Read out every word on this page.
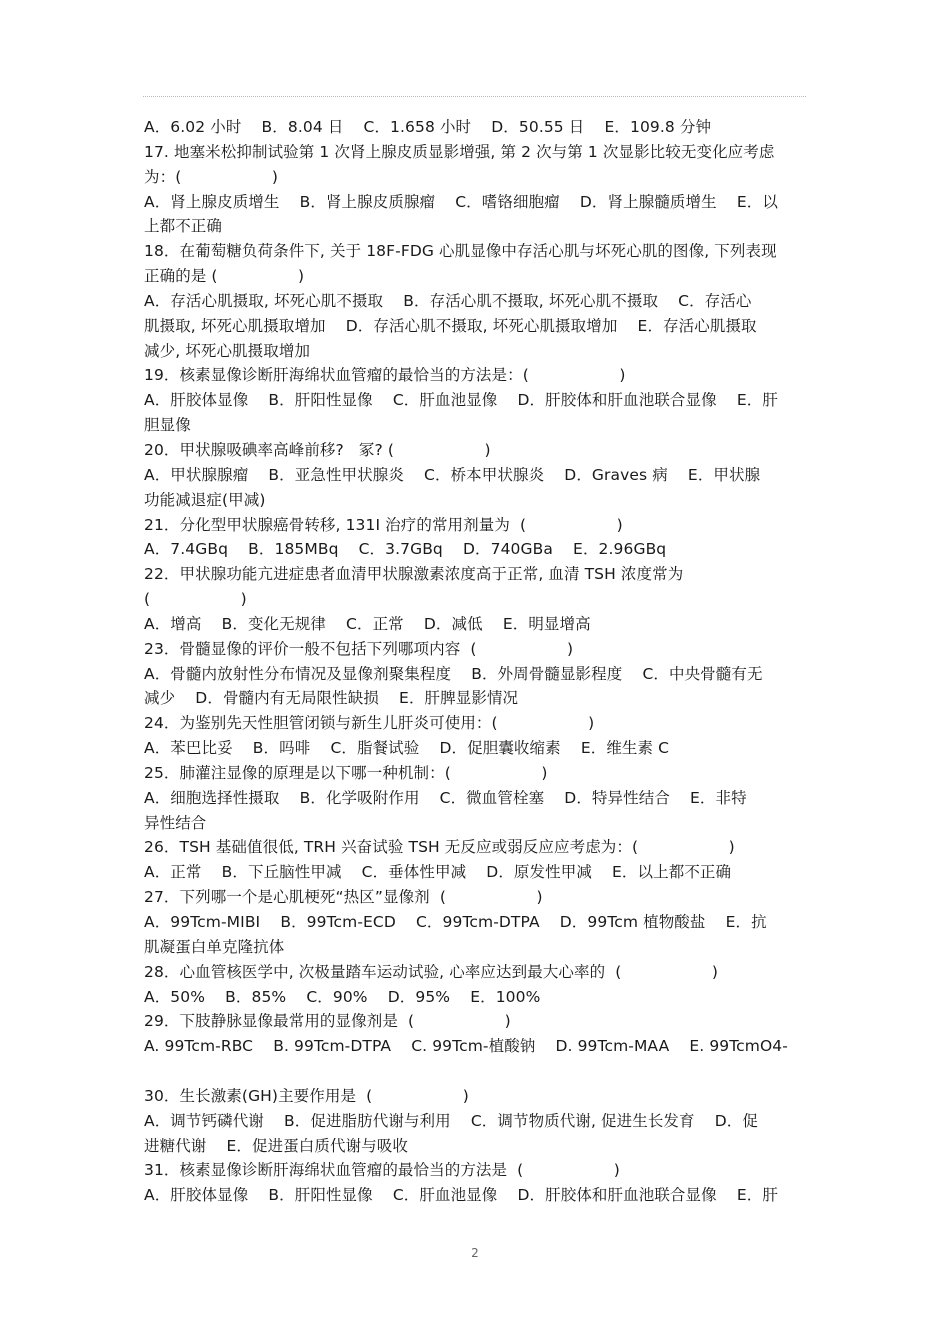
A．6.02 小时    B．8.04 日    C．1.658 小时    D．50.55 日    E．109.8 分钟
17. 地塞米松抑制试验第 1 次肾上腺皮质显影增强, 第 2 次与第 1 次显影比较无变化应考虑
为：(                  )
A．肾上腺皮质增生    B．肾上腺皮质腺瘤    C．嗜铬细胞瘤    D．肾上腺髓质增生    E．以
上都不正确
18．在葡萄糖负荷条件下, 关于 18F-FDG 心肌显像中存活心肌与坏死心肌的图像, 下列表现
正确的是 (                )
A．存活心肌摄取, 坏死心肌不摄取    B．存活心肌不摄取, 坏死心肌不摄取    C．存活心
肌摄取, 坏死心肌摄取增加    D．存活心肌不摄取, 坏死心肌摄取增加    E．存活心肌摄取
减少, 坏死心肌摄取增加
19．核素显像诊断肝海绵状血管瘤的最恰当的方法是：(                  )
A．肝胶体显像    B．肝阳性显像    C．肝血池显像    D．肝胶体和肝血池联合显像    E．肝
胆显像
20．甲状腺吸碘率高峰前移?   冢? (                  )
A．甲状腺腺瘤    B．亚急性甲状腺炎    C．桥本甲状腺炎    D．Graves 病    E．甲状腺
功能减退症(甲减)
21．分化型甲状腺癌骨转移, 131I 治疗的常用剂量为  (                  )
A．7.4GBq    B．185MBq    C．3.7GBq    D．740GBa    E．2.96GBq
22．甲状腺功能亢进症患者血清甲状腺激素浓度高于正常, 血清 TSH 浓度常为
(                  )
A．增高    B．变化无规律    C．正常    D．减低    E．明显增高
23．骨髓显像的评价一般不包括下列哪项内容  (                  )
A．骨髓内放射性分布情况及显像剂聚集程度    B．外周骨髓显影程度    C．中央骨髓有无
减少    D．骨髓内有无局限性缺损    E．肝脾显影情况
24．为鉴别先天性胆管闭锁与新生儿肝炎可使用：(                  )
A．苯巴比妥    B．吗啡    C．脂餐试验    D．促胆囊收缩素    E．维生素 C
25．肺灌注显像的原理是以下哪一种机制：(                  )
A．细胞选择性摄取    B．化学吸附作用    C．微血管栓塞    D．特异性结合    E．非特
异性结合
26．TSH 基础值很低, TRH 兴奋试验 TSH 无反应或弱反应应考虑为：(                  )
A．正常    B．下丘脑性甲减    C．垂体性甲减    D．原发性甲减    E．以上都不正确
27．下列哪一个是心肌梗死“热区”显像剂  (                  )
A．99Tcm-MIBI    B．99Tcm-ECD    C．99Tcm-DTPA    D．99Tcm 植物酸盐    E．抗
肌凝蛋白单克隆抗体
28．心血管核医学中, 次极量踏车运动试验, 心率应达到最大心率的  (                  )
A．50%    B．85%    C．90%    D．95%    E．100%
29．下肢静脉显像最常用的显像剂是  (                  )
A. 99Tcm-RBC    B. 99Tcm-DTPA    C. 99Tcm-植酸钠    D. 99Tcm-MAA    E. 99TcmO4-
30．生长激素(GH)主要作用是  (                  )
A．调节钙磷代谢    B．促进脂肪代谢与利用    C．调节物质代谢, 促进生长发育    D．促
进糖代谢    E．促进蛋白质代谢与吸收
31．核素显像诊断肝海绵状血管瘤的最恰当的方法是  (                  )
A．肝胶体显像    B．肝阳性显像    C．肝血池显像    D．肝胶体和肝血池联合显像    E．肝
2
